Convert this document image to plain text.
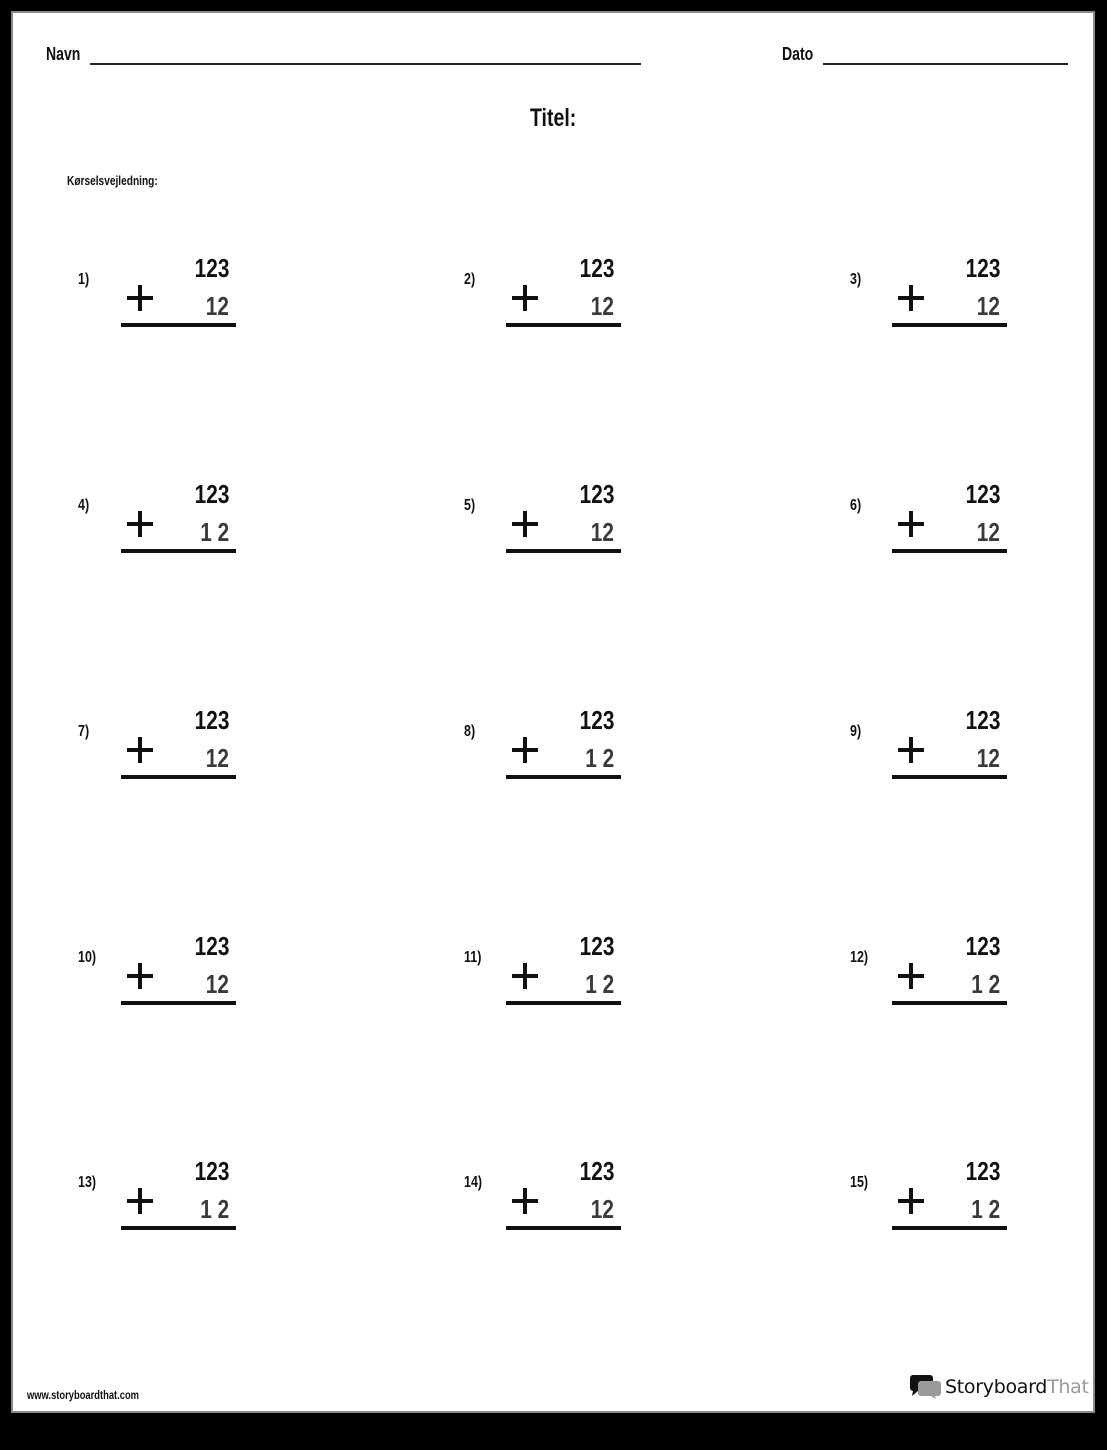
Navn	Dato
Titel:
Kørselsvejledning:
1)	123
12
2)	123
12
3)	123
12
4)	123
1 2
5)	123
12
6)	123
12
7)	123
12
8)	123
1 2
9)	123
12
10)	123
12
11)	123
1 2
12)	123
1 2
13)	123
1 2
14)	123
12
15)	123
1 2
www.storyboardthat.com	StoryboardThat
